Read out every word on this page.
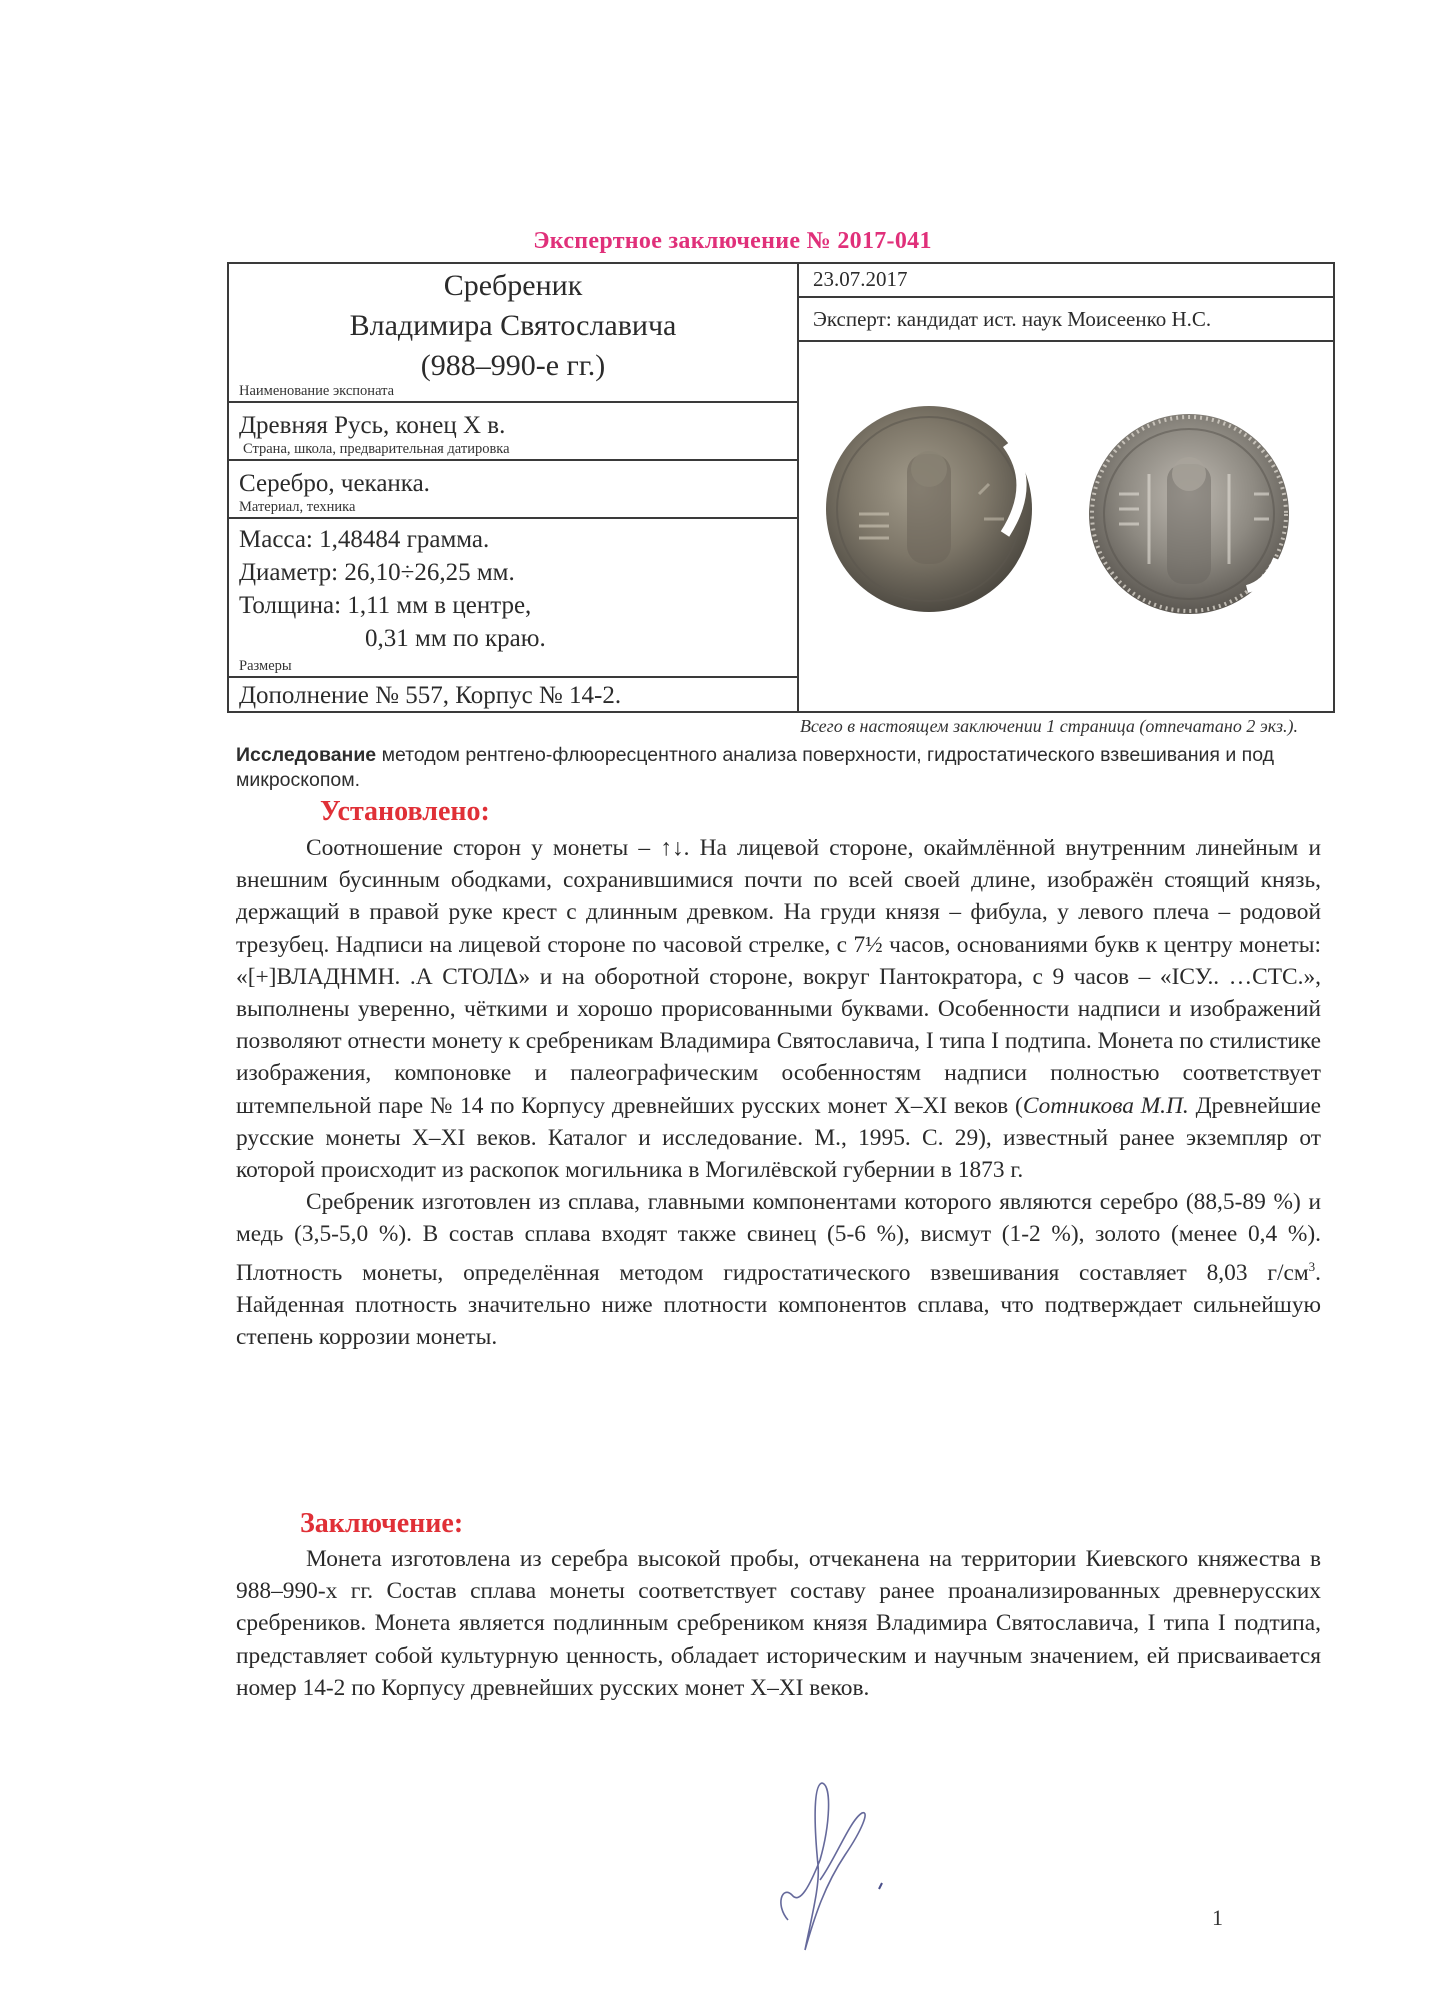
Экспертное заключение № 2017-041
Сребреник
Владимира Святославича
(988–990-е гг.)
Наименование экспоната
Древняя Русь, конец X в.
Страна, школа, предварительная датировка
Серебро, чеканка.
Материал, техника
Масса: 1,48484 грамма.
Диаметр: 26,10÷26,25 мм.
Толщина: 1,11 мм в центре,
0,31 мм по краю.
Размеры
Дополнение № 557, Корпус № 14-2.
23.07.2017
Эксперт: кандидат ист. наук Моисеенко Н.С.
Всего в настоящем заключении 1 страница (отпечатано 2 экз.).
Исследование методом рентгено-флюоресцентного анализа поверхности, гидростатического взвешивания и под микроскопом.
Установлено:

Соотношение сторон у монеты – ↑↓. На лицевой стороне, окаймлённой внутренним линейным и внешним бусинным ободками, сохранившимися почти по всей своей длине, изображён стоящий князь, держащий в правой руке крест с длинным древком. На груди князя – фибула, у левого плеча – родовой трезубец. Надписи на лицевой стороне по часовой стрелке, с 7½ часов, основаниями букв к центру монеты: «[+]ВЛАДНМН. .А СТОЛΔ» и на оборотной стороне, вокруг Пантократора, с 9 часов – «ІСУ.. …СТС.», выполнены уверенно, чёткими и хорошо прорисованными буквами. Особенности надписи и изображений позволяют отнести монету к сребреникам Владимира Святославича, I типа I подтипа. Монета по стилистике изображения, компоновке и палеографическим особенностям надписи полностью соответствует штемпельной паре № 14 по Корпусу древнейших русских монет X–XI веков (Сотникова М.П. Древнейшие русские монеты X–XI веков. Каталог и исследование. М., 1995. С. 29), известный ранее экземпляр от которой происходит из раскопок могильника в Могилёвской губернии в 1873 г.

Сребреник изготовлен из сплава, главными компонентами которого являются серебро (88,5-89 %) и медь (3,5-5,0 %). В состав сплава входят также свинец (5-6 %), висмут (1-2 %), золото (менее 0,4 %). Плотность монеты, определённая методом гидростатического взвешивания составляет 8,03 $г/см^3$. Найденная плотность значительно ниже плотности компонентов сплава, что подтверждает сильнейшую степень коррозии монеты.

Заключение:

Монета изготовлена из серебра высокой пробы, отчеканена на территории Киевского княжества в 988–990-х гг. Состав сплава монеты соответствует составу ранее проанализированных древнерусских сребреников. Монета является подлинным сребреником князя Владимира Святославича, I типа I подтипа, представляет собой культурную ценность, обладает историческим и научным значением, ей присваивается номер 14-2 по Корпусу древнейших русских монет X–XI веков.

1
